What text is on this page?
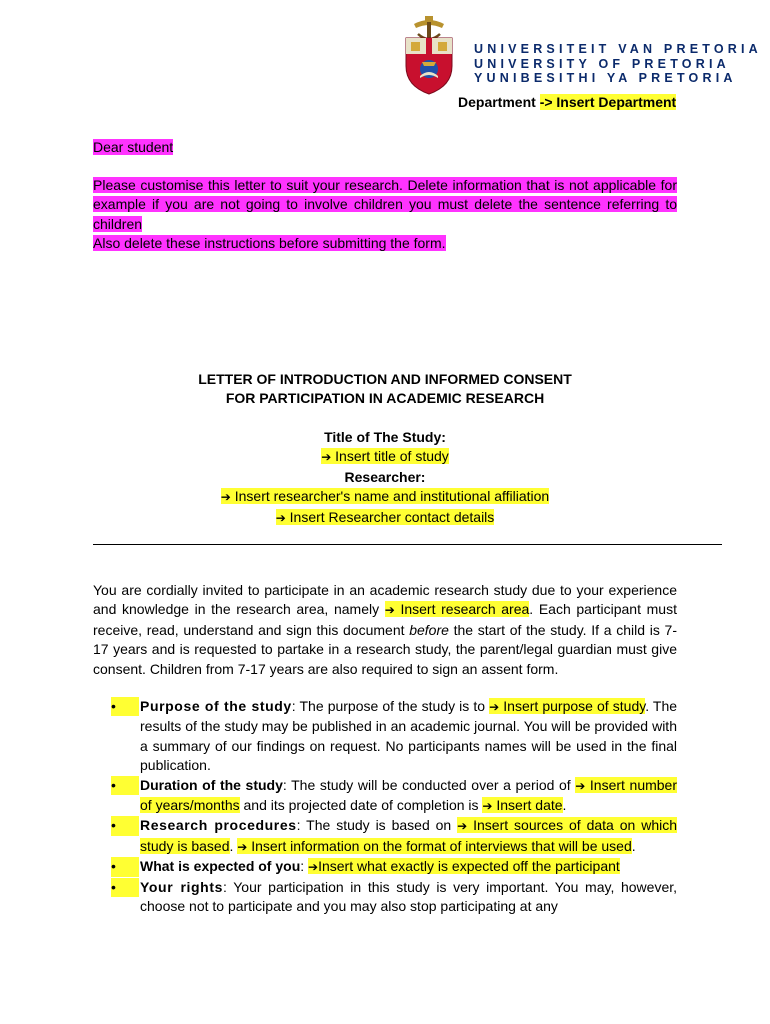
UNIVERSITEIT VAN PRETORIA
UNIVERSITY OF PRETORIA
YUNIBESITHI YA PRETORIA
Department -> Insert Department
Dear student
Please customise this letter to suit your research. Delete information that is not applicable for example if you are not going to involve children you must delete the sentence referring to children
Also delete these instructions before submitting the form.
LETTER OF INTRODUCTION AND INFORMED CONSENT
FOR PARTICIPATION IN ACADEMIC RESEARCH
Title of The Study:
➔ Insert title of study
Researcher:
➔ Insert researcher's name and institutional affiliation
➔ Insert Researcher contact details
You are cordially invited to participate in an academic research study due to your experience and knowledge in the research area, namely ➔ Insert research area. Each participant must receive, read, understand and sign this document before the start of the study. If a child is 7-17 years and is requested to partake in a research study, the parent/legal guardian must give consent. Children from 7-17 years are also required to sign an assent form.
•	Purpose of the study: The purpose of the study is to ➔ Insert purpose of study. The results of the study may be published in an academic journal. You will be provided with a summary of our findings on request. No participants names will be used in the final publication.
•	Duration of the study: The study will be conducted over a period of ➔ Insert number of years/months and its projected date of completion is ➔ Insert date.
•	Research procedures: The study is based on ➔ Insert sources of data on which study is based. ➔ Insert information on the format of interviews that will be used.
•	What is expected of you: ➔Insert what exactly is expected off the participant
•	Your rights: Your participation in this study is very important. You may, however, choose not to participate and you may also stop participating at any
